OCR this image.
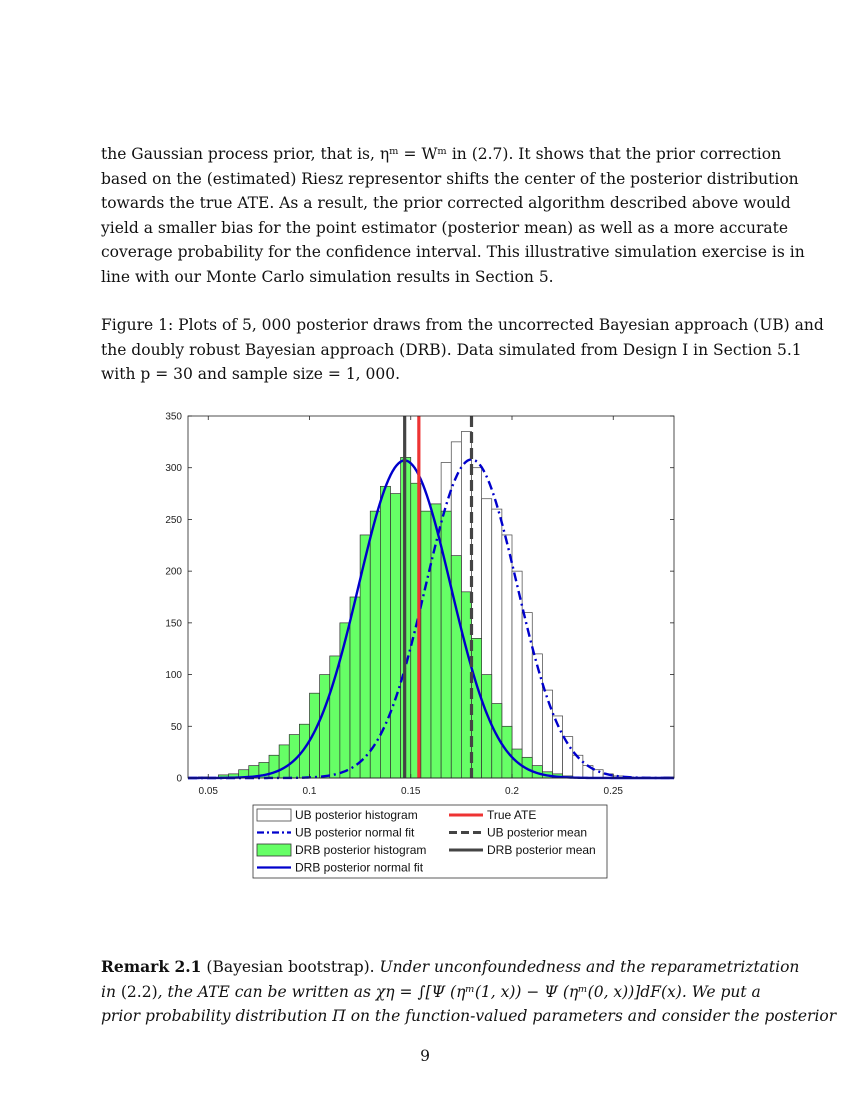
the Gaussian process prior, that is, ηᵐ = Wᵐ in (2.7). It shows that the prior correction
based on the (estimated) Riesz representor shifts the center of the posterior distribution
towards the true ATE. As a result, the prior corrected algorithm described above would
yield a smaller bias for the point estimator (posterior mean) as well as a more accurate
coverage probability for the confidence interval. This illustrative simulation exercise is in
line with our Monte Carlo simulation results in Section 5.
Figure 1: Plots of 5, 000 posterior draws from the uncorrected Bayesian approach (UB) and
the doubly robust Bayesian approach (DRB). Data simulated from Design I in Section 5.1
with p = 30 and sample size = 1, 000.
0.05	0.1	0.15	0.2	0.25
0
50
100
150
200
250
300
350
UB posterior histogram	True ATE
UB posterior normal fit	UB posterior mean
DRB posterior histogram	DRB posterior mean
DRB posterior normal fit
Remark 2.1 (Bayesian bootstrap). Under unconfoundedness and the reparametriztation
in (2.2), the ATE can be written as χη = ∫[Ψ (ηᵐ(1, x)) − Ψ (ηᵐ(0, x))]dF(x). We put a
prior probability distribution Π on the function-valued parameters and consider the posterior
9
